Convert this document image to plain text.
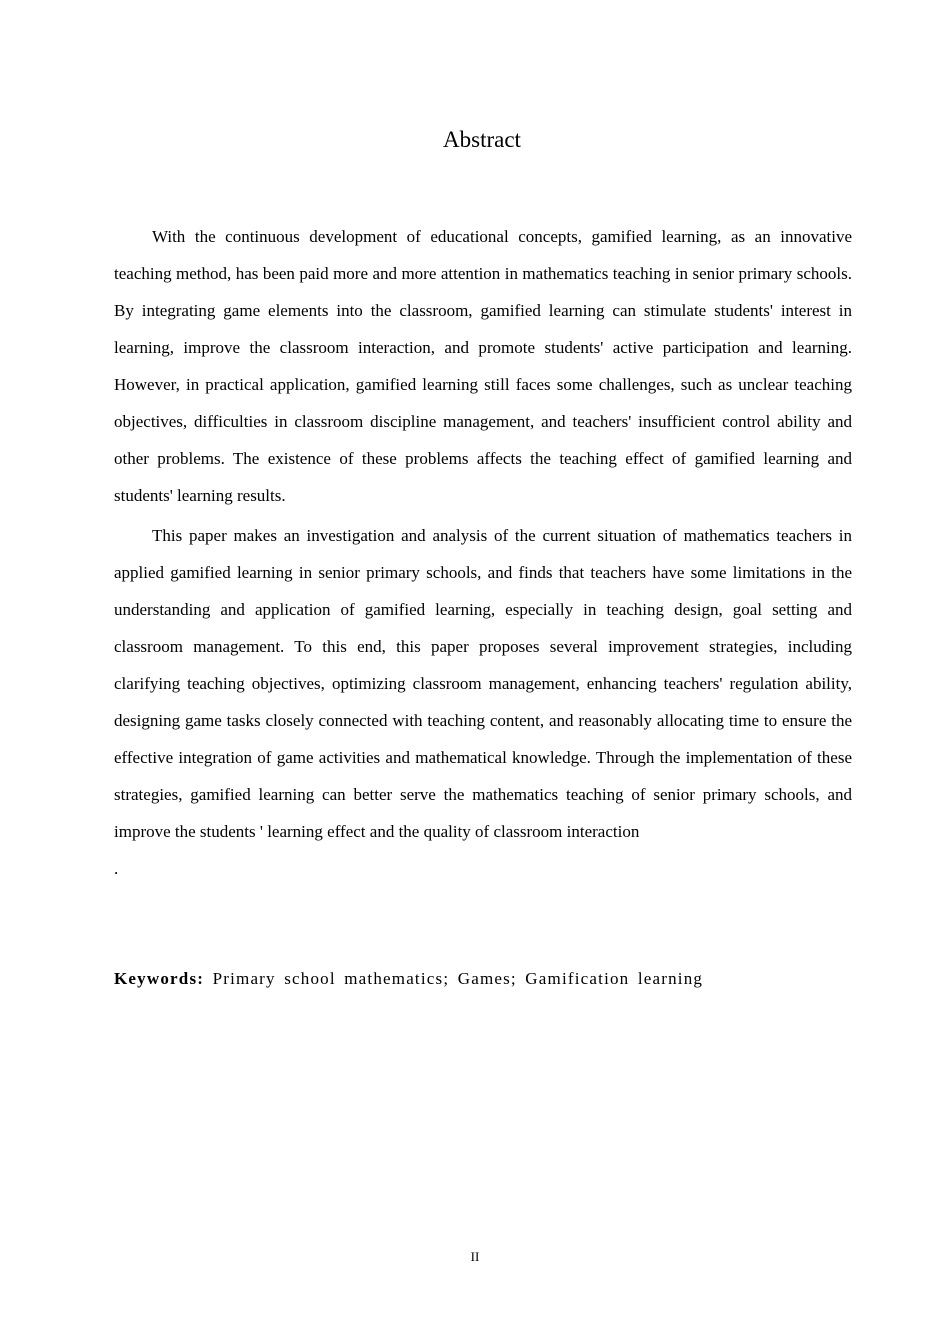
Abstract

With the continuous development of educational concepts, gamified learning, as an innovative teaching method, has been paid more and more attention in mathematics teaching in senior primary schools. By integrating game elements into the classroom, gamified learning can stimulate students' interest in learning, improve the classroom interaction, and promote students' active participation and learning. However, in practical application, gamified learning still faces some challenges, such as unclear teaching objectives, difficulties in classroom discipline management, and teachers' insufficient control ability and other problems. The existence of these problems affects the teaching effect of gamified learning and students' learning results.

This paper makes an investigation and analysis of the current situation of mathematics teachers in applied gamified learning in senior primary schools, and finds that teachers have some limitations in the understanding and application of gamified learning, especially in teaching design, goal setting and classroom management. To this end, this paper proposes several improvement strategies, including clarifying teaching objectives, optimizing classroom management, enhancing teachers' regulation ability, designing game tasks closely connected with teaching content, and reasonably allocating time to ensure the effective integration of game activities and mathematical knowledge. Through the implementation of these strategies, gamified learning can better serve the mathematics teaching of senior primary schools, and improve the students ' learning effect and the quality of classroom interaction

.

Keywords: Primary school mathematics; Games; Gamification learning
II
